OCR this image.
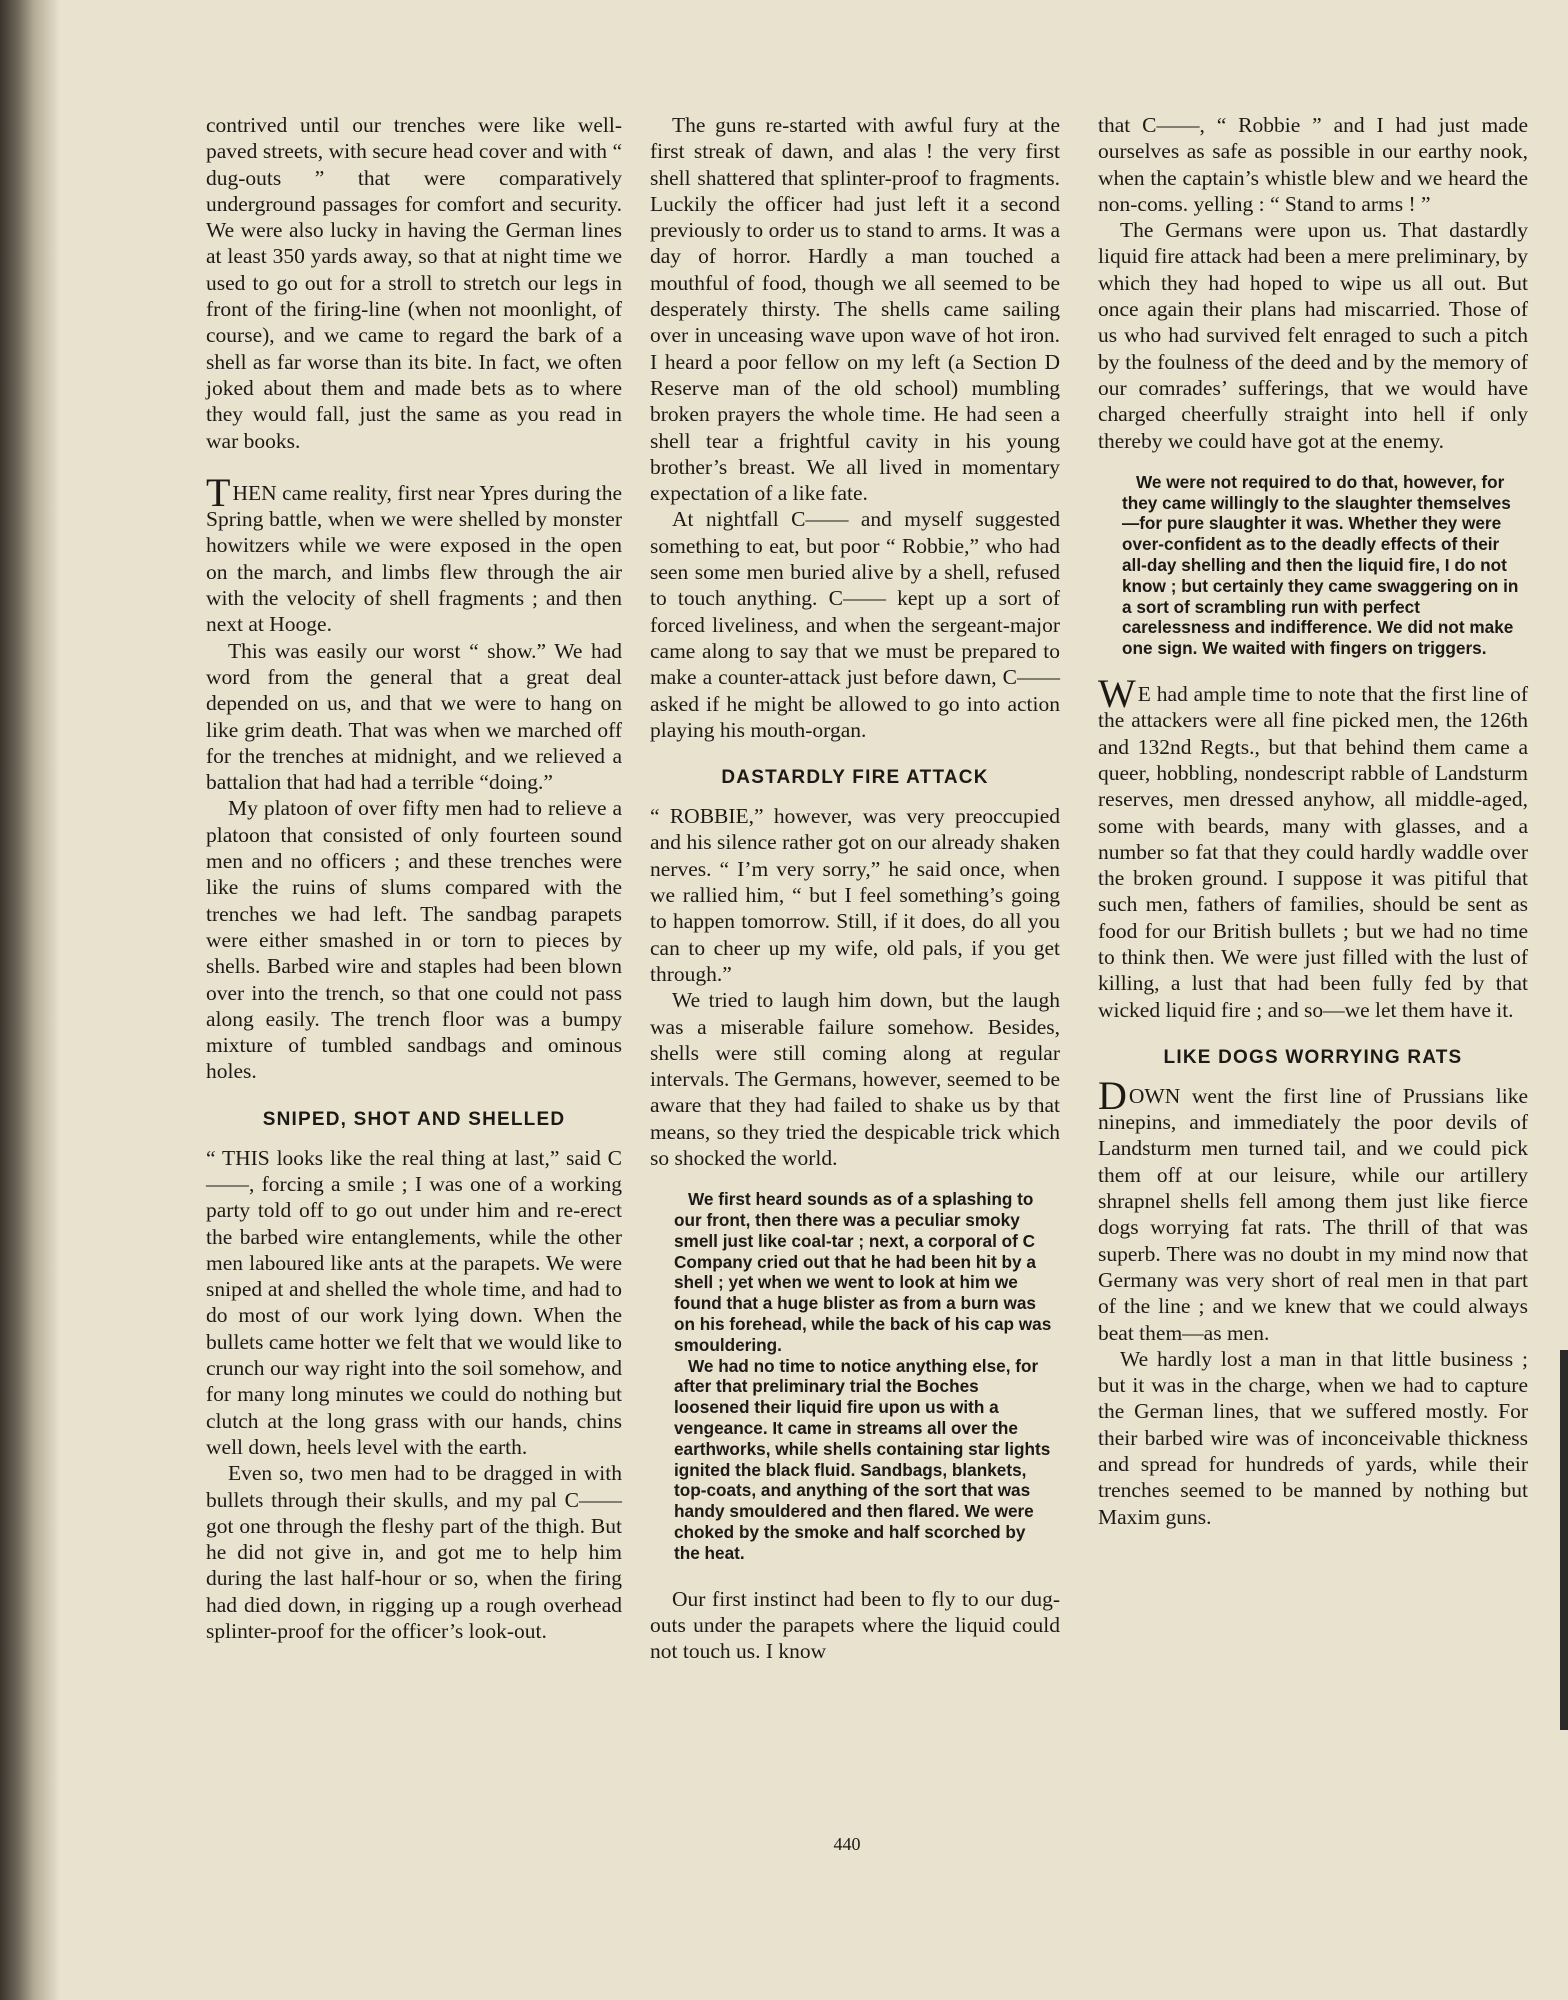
contrived until our trenches were like well-paved streets, with secure head cover and with “ dug-outs ” that were comparatively underground passages for comfort and security. We were also lucky in having the German lines at least 350 yards away, so that at night time we used to go out for a stroll to stretch our legs in front of the firing-line (when not moonlight, of course), and we came to regard the bark of a shell as far worse than its bite. In fact, we often joked about them and made bets as to where they would fall, just the same as you read in war books.

THEN came reality, first near Ypres during the Spring battle, when we were shelled by monster howitzers while we were exposed in the open on the march, and limbs flew through the air with the velocity of shell fragments ; and then next at Hooge.

This was easily our worst “ show.” We had word from the general that a great deal depended on us, and that we were to hang on like grim death. That was when we marched off for the trenches at midnight, and we relieved a battalion that had had a terrible “doing.”

My platoon of over fifty men had to relieve a platoon that consisted of only fourteen sound men and no officers ; and these trenches were like the ruins of slums compared with the trenches we had left. The sandbag parapets were either smashed in or torn to pieces by shells. Barbed wire and staples had been blown over into the trench, so that one could not pass along easily. The trench floor was a bumpy mixture of tumbled sandbags and ominous holes.

SNIPED, SHOT AND SHELLED

“ THIS looks like the real thing at last,” said C——, forcing a smile ; I was one of a working party told off to go out under him and re-erect the barbed wire entanglements, while the other men laboured like ants at the parapets. We were sniped at and shelled the whole time, and had to do most of our work lying down. When the bullets came hotter we felt that we would like to crunch our way right into the soil somehow, and for many long minutes we could do nothing but clutch at the long grass with our hands, chins well down, heels level with the earth.

Even so, two men had to be dragged in with bullets through their skulls, and my pal C—— got one through the fleshy part of the thigh. But he did not give in, and got me to help him during the last half-hour or so, when the firing had died down, in rigging up a rough overhead splinter-proof for the officer’s look-out.

The guns re-started with awful fury at the first streak of dawn, and alas ! the very first shell shattered that splinter-proof to fragments. Luckily the officer had just left it a second previously to order us to stand to arms. It was a day of horror. Hardly a man touched a mouthful of food, though we all seemed to be desperately thirsty. The shells came sailing over in unceasing wave upon wave of hot iron. I heard a poor fellow on my left (a Section D Reserve man of the old school) mumbling broken prayers the whole time. He had seen a shell tear a frightful cavity in his young brother’s breast. We all lived in momentary expectation of a like fate.

At nightfall C—— and myself suggested something to eat, but poor “ Robbie,” who had seen some men buried alive by a shell, refused to touch anything. C—— kept up a sort of forced liveliness, and when the sergeant-major came along to say that we must be prepared to make a counter-attack just before dawn, C—— asked if he might be allowed to go into action playing his mouth-organ.

DASTARDLY FIRE ATTACK

“ ROBBIE,” however, was very preoccupied and his silence rather got on our already shaken nerves. “ I’m very sorry,” he said once, when we rallied him, “ but I feel something’s going to happen tomorrow. Still, if it does, do all you can to cheer up my wife, old pals, if you get through.”

We tried to laugh him down, but the laugh was a miserable failure somehow. Besides, shells were still coming along at regular intervals. The Germans, however, seemed to be aware that they had failed to shake us by that means, so they tried the despicable trick which so shocked the world.

We first heard sounds as of a splashing to our front, then there was a peculiar smoky smell just like coal-tar ; next, a corporal of C Company cried out that he had been hit by a shell ; yet when we went to look at him we found that a huge blister as from a burn was on his forehead, while the back of his cap was smouldering.

We had no time to notice anything else, for after that preliminary trial the Boches loosened their liquid fire upon us with a vengeance. It came in streams all over the earthworks, while shells containing star lights ignited the black fluid. Sandbags, blankets, top-coats, and anything of the sort that was handy smouldered and then flared. We were choked by the smoke and half scorched by the heat.

Our first instinct had been to fly to our dug-outs under the parapets where the liquid could not touch us. I know

that C——, “ Robbie ” and I had just made ourselves as safe as possible in our earthy nook, when the captain’s whistle blew and we heard the non-coms. yelling : “ Stand to arms ! ”

The Germans were upon us. That dastardly liquid fire attack had been a mere preliminary, by which they had hoped to wipe us all out. But once again their plans had miscarried. Those of us who had survived felt enraged to such a pitch by the foulness of the deed and by the memory of our comrades’ sufferings, that we would have charged cheerfully straight into hell if only thereby we could have got at the enemy.

We were not required to do that, however, for they came willingly to the slaughter themselves—for pure slaughter it was. Whether they were over-confident as to the deadly effects of their all-day shelling and then the liquid fire, I do not know ; but certainly they came swaggering on in a sort of scrambling run with perfect carelessness and indifference. We did not make one sign. We waited with fingers on triggers.

WE had ample time to note that the first line of the attackers were all fine picked men, the 126th and 132nd Regts., but that behind them came a queer, hobbling, nondescript rabble of Landsturm reserves, men dressed anyhow, all middle-aged, some with beards, many with glasses, and a number so fat that they could hardly waddle over the broken ground. I suppose it was pitiful that such men, fathers of families, should be sent as food for our British bullets ; but we had no time to think then. We were just filled with the lust of killing, a lust that had been fully fed by that wicked liquid fire ; and so—we let them have it.

LIKE DOGS WORRYING RATS

DOWN went the first line of Prussians like ninepins, and immediately the poor devils of Landsturm men turned tail, and we could pick them off at our leisure, while our artillery shrapnel shells fell among them just like fierce dogs worrying fat rats. The thrill of that was superb. There was no doubt in my mind now that Germany was very short of real men in that part of the line ; and we knew that we could always beat them—as men.

We hardly lost a man in that little business ; but it was in the charge, when we had to capture the German lines, that we suffered mostly. For their barbed wire was of inconceivable thickness and spread for hundreds of yards, while their trenches seemed to be manned by nothing but Maxim guns.

440
